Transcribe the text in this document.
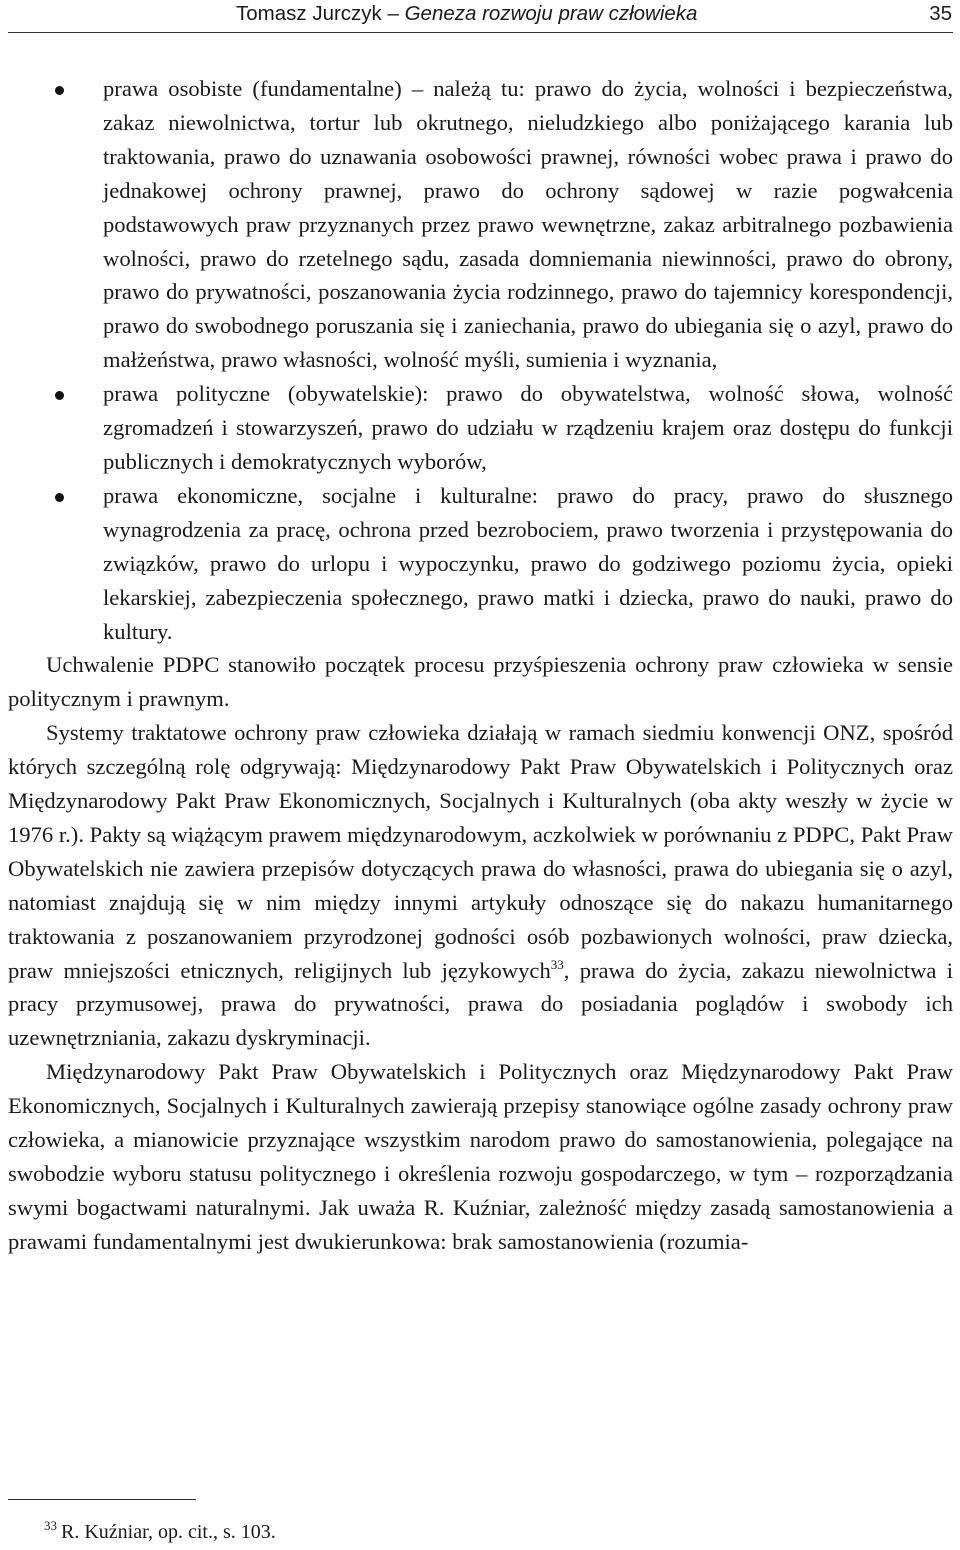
Tomasz Jurczyk – Geneza rozwoju praw człowieka	35
prawa osobiste (fundamentalne) – należą tu: prawo do życia, wolności i bezpieczeństwa, zakaz niewolnictwa, tortur lub okrutnego, nieludzkiego albo poniżającego karania lub traktowania, prawo do uznawania osobowości prawnej, równości wobec prawa i prawo do jednakowej ochrony prawnej, prawo do ochrony sądowej w razie pogwałcenia podstawowych praw przyznanych przez prawo wewnętrzne, zakaz arbitralnego pozbawienia wolności, prawo do rzetelnego sądu, zasada domniemania niewinności, prawo do obrony, prawo do prywatności, poszanowania życia rodzinnego, prawo do tajemnicy korespondencji, prawo do swobodnego poruszania się i zaniechania, prawo do ubiegania się o azyl, prawo do małżeństwa, prawo własności, wolność myśli, sumienia i wyznania,
prawa polityczne (obywatelskie): prawo do obywatelstwa, wolność słowa, wolność zgromadzeń i stowarzyszeń, prawo do udziału w rządzeniu krajem oraz dostępu do funkcji publicznych i demokratycznych wyborów,
prawa ekonomiczne, socjalne i kulturalne: prawo do pracy, prawo do słusznego wynagrodzenia za pracę, ochrona przed bezrobociem, prawo tworzenia i przystępowania do związków, prawo do urlopu i wypoczynku, prawo do godziwego poziomu życia, opieki lekarskiej, zabezpieczenia społecznego, prawo matki i dziecka, prawo do nauki, prawo do kultury.

Uchwalenie PDPC stanowiło początek procesu przyśpieszenia ochrony praw człowieka w sensie politycznym i prawnym.

Systemy traktatowe ochrony praw człowieka działają w ramach siedmiu konwencji ONZ, spośród których szczególną rolę odgrywają: Międzynarodowy Pakt Praw Obywatelskich i Politycznych oraz Międzynarodowy Pakt Praw Ekonomicznych, Socjalnych i Kulturalnych (oba akty weszły w życie w 1976 r.). Pakty są wiążącym prawem międzynarodowym, aczkolwiek w porównaniu z PDPC, Pakt Praw Obywatelskich nie zawiera przepisów dotyczących prawa do własności, prawa do ubiegania się o azyl, natomiast znajdują się w nim między innymi artykuły odnoszące się do nakazu humanitarnego traktowania z poszanowaniem przyrodzonej godności osób pozbawionych wolności, praw dziecka, praw mniejszości etnicznych, religijnych lub językowych$^{33}$, prawa do życia, zakazu niewolnictwa i pracy przymusowej, prawa do prywatności, prawa do posiadania poglądów i swobody ich uzewnętrzniania, zakazu dyskryminacji.

Międzynarodowy Pakt Praw Obywatelskich i Politycznych oraz Międzynarodowy Pakt Praw Ekonomicznych, Socjalnych i Kulturalnych zawierają przepisy stanowiące ogólne zasady ochrony praw człowieka, a mianowicie przyznające wszystkim narodom prawo do samostanowienia, polegające na swobodzie wyboru statusu politycznego i określenia rozwoju gospodarczego, w tym – rozporządzania swymi bogactwami naturalnymi. Jak uważa R. Kuźniar, zależność między zasadą samostanowienia a prawami fundamentalnymi jest dwukierunkowa: brak samostanowienia (rozumia-

$^{33}$ R. Kuźniar, op. cit., s. 103.
